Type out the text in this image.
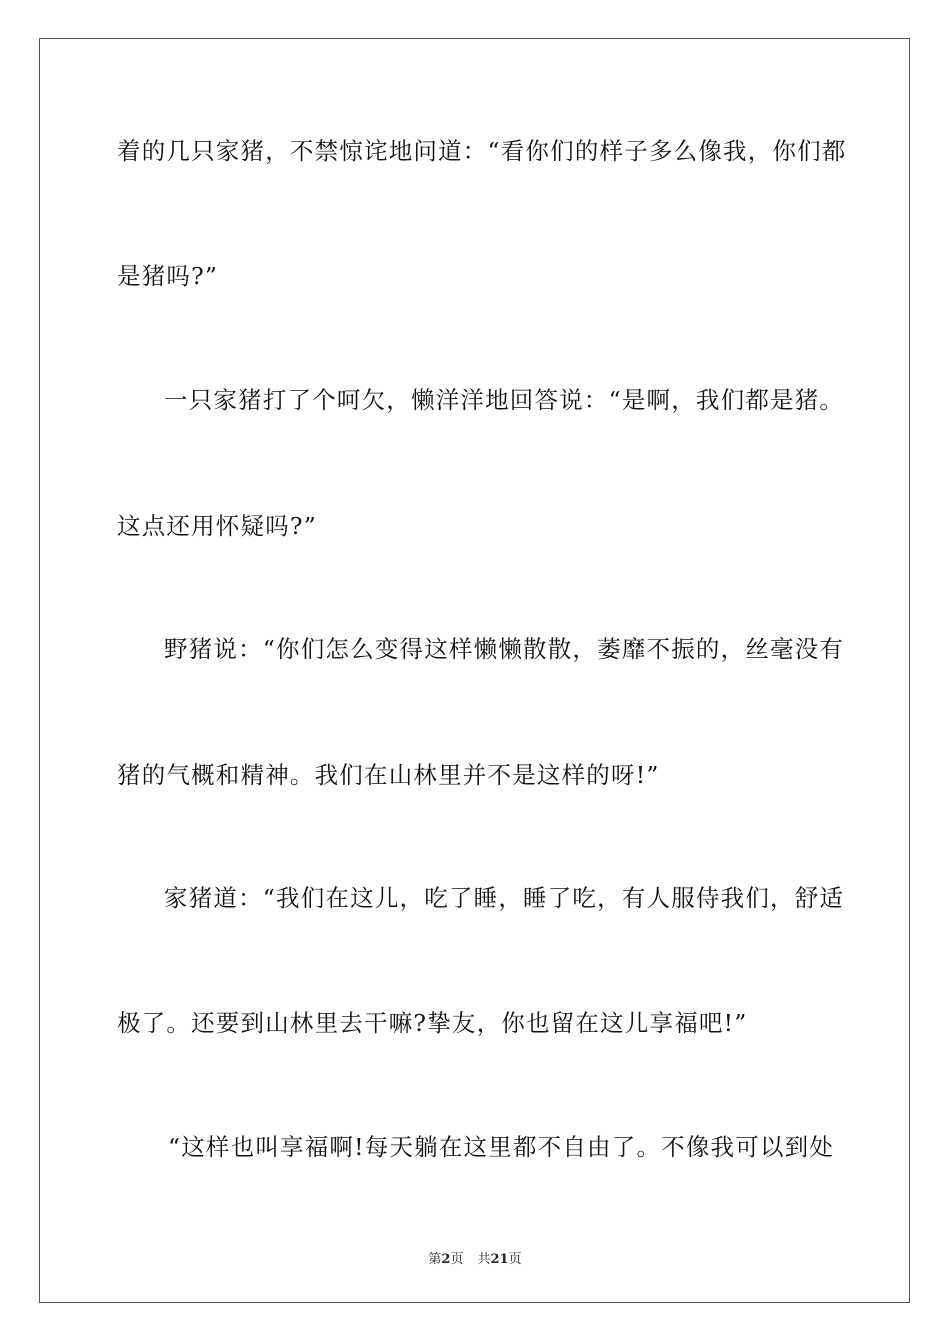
着的几只家猪，不禁惊诧地问道：“看你们的样子多么像我，你们都
是猪吗?”
一只家猪打了个呵欠，懒洋洋地回答说：“是啊，我们都是猪。
这点还用怀疑吗?”
野猪说：“你们怎么变得这样懒懒散散，萎靡不振的，丝毫没有
猪的气概和精神。我们在山林里并不是这样的呀!”
家猪道：“我们在这儿，吃了睡，睡了吃，有人服侍我们，舒适
极了。还要到山林里去干嘛?挚友，你也留在这儿享福吧!”
“这样也叫享福啊!每天躺在这里都不自由了。不像我可以到处
第2页 共21页
